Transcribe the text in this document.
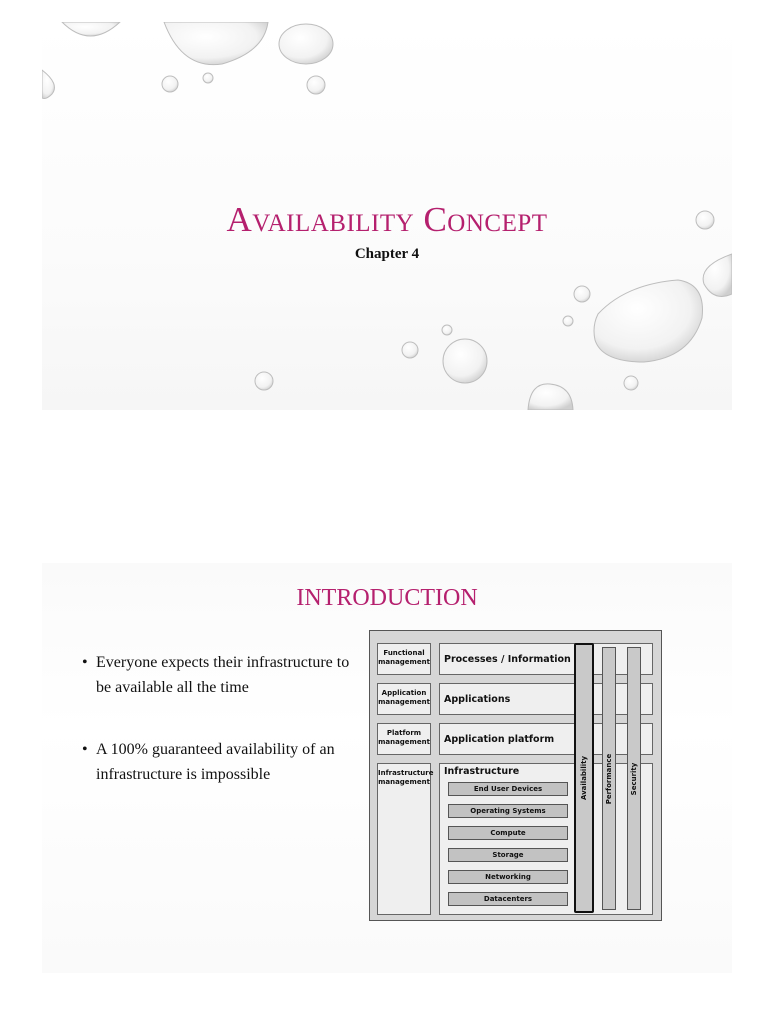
Availability Concept
Chapter 4
INTRODUCTION
• Everyone expects their infrastructure to be available all the time
• A 100% guaranteed availability of an infrastructure is impossible
Functional management
Application management
Platform management
Infrastructure management
Processes / Information
Applications
Application platform
Infrastructure
End User Devices
Operating Systems
Compute
Storage
Networking
Datacenters
Availability Performance Security
